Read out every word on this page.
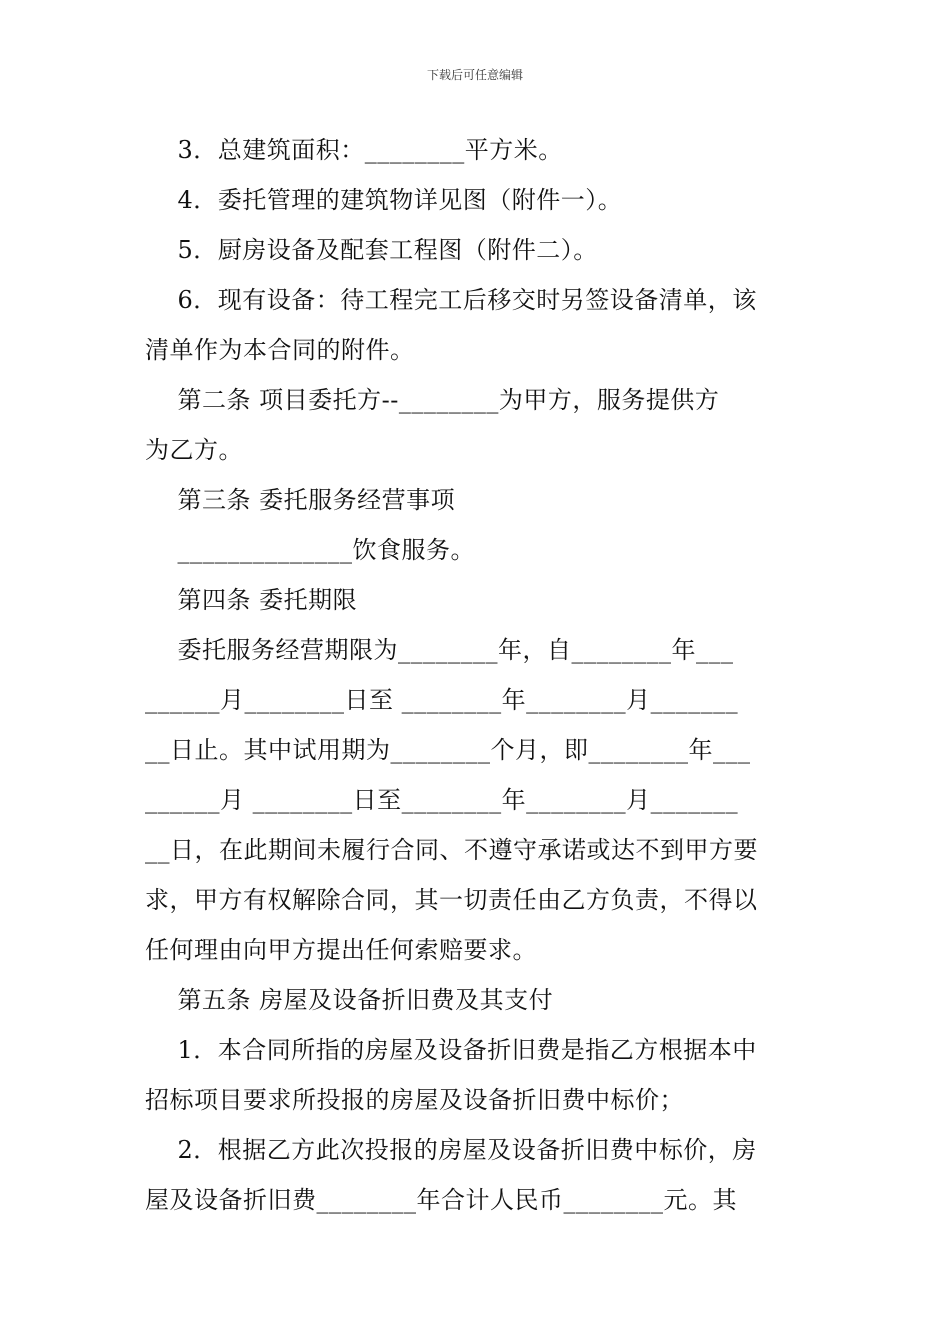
下载后可任意编辑
3．总建筑面积：________平方米。
4．委托管理的建筑物详见图（附件一）。
5．厨房设备及配套工程图（附件二）。
6．现有设备：待工程完工后移交时另签设备清单，该
清单作为本合同的附件。
第二条 项目委托方--________为甲方，服务提供方
为乙方。
第三条 委托服务经营事项
______________饮食服务。
第四条 委托期限
委托服务经营期限为________年，自________年___
______月________日至 ________年________月_______
__日止。其中试用期为________个月，即________年___
______月 ________日至________年________月_______
__日，在此期间未履行合同、不遵守承诺或达不到甲方要
求，甲方有权解除合同，其一切责任由乙方负责，不得以
任何理由向甲方提出任何索赔要求。
第五条 房屋及设备折旧费及其支付
1．本合同所指的房屋及设备折旧费是指乙方根据本中
招标项目要求所投报的房屋及设备折旧费中标价；
2．根据乙方此次投报的房屋及设备折旧费中标价，房
屋及设备折旧费________年合计人民币________元。其
